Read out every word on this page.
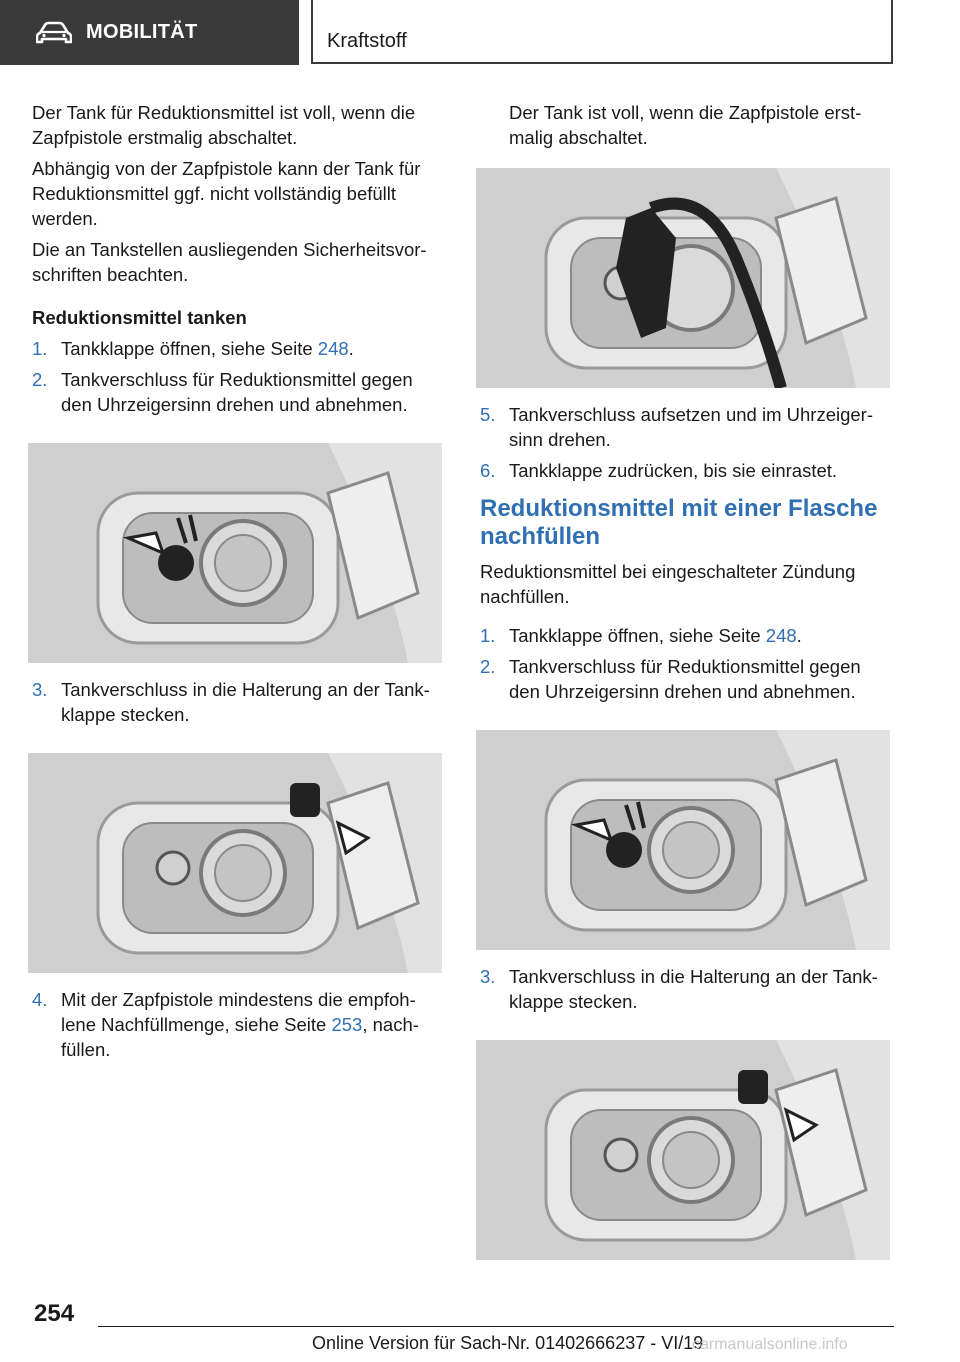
MOBILITÄT	Kraftstoff

Der Tank für Reduktionsmittel ist voll, wenn die Zapfpistole erstmalig abschaltet.

Abhängig von der Zapfpistole kann der Tank für Reduktionsmittel ggf. nicht vollständig befüllt werden.

Die an Tankstellen ausliegenden Sicherheitsvor-schriften beachten.

Reduktionsmittel tanken
1. Tankklappe öffnen, siehe Seite 248.
2. Tankverschluss für Reduktionsmittel gegen den Uhrzeigersinn drehen und abnehmen.
3. Tankverschluss in die Halterung an der Tank-klappe stecken.
4. Mit der Zapfpistole mindestens die empfoh-lene Nachfüllmenge, siehe Seite 253, nach-füllen.
Der Tank ist voll, wenn die Zapfpistole erst-malig abschaltet.
5. Tankverschluss aufsetzen und im Uhrzeiger-sinn drehen.
6. Tankklappe zudrücken, bis sie einrastet.
Reduktionsmittel mit einer Flasche nachfüllen

Reduktionsmittel bei eingeschalteter Zündung nachfüllen.

1. Tankklappe öffnen, siehe Seite 248.
2. Tankverschluss für Reduktionsmittel gegen den Uhrzeigersinn drehen und abnehmen.
3. Tankverschluss in die Halterung an der Tank-klappe stecken.
254
Online Version für Sach-Nr. 01402666237 - VI/19
carmanualsonline.info
